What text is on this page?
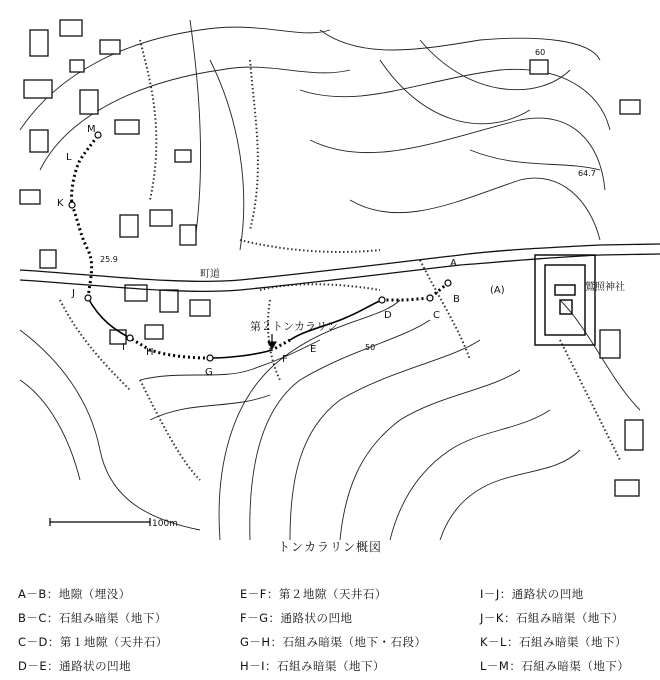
A
B
C
D
E
F
G
H
I
J
K
L
M
町道
鷲照神社
第２トンカラリン
(A)
60
50
64.7
25.9
100m
トンカラリン概図
A－B：地隙（埋没）
B－C：石組み暗渠（地下）
C－D：第１地隙（天井石）
D－E：通路状の凹地
E－F：第２地隙（天井石）
F－G：通路状の凹地
G－H：石組み暗渠（地下・石段）
H－I：石組み暗渠（地下）
I－J：通路状の凹地
J－K：石組み暗渠（地下）
K－L：石組み暗渠（地下）
L－M：石組み暗渠（地下）
